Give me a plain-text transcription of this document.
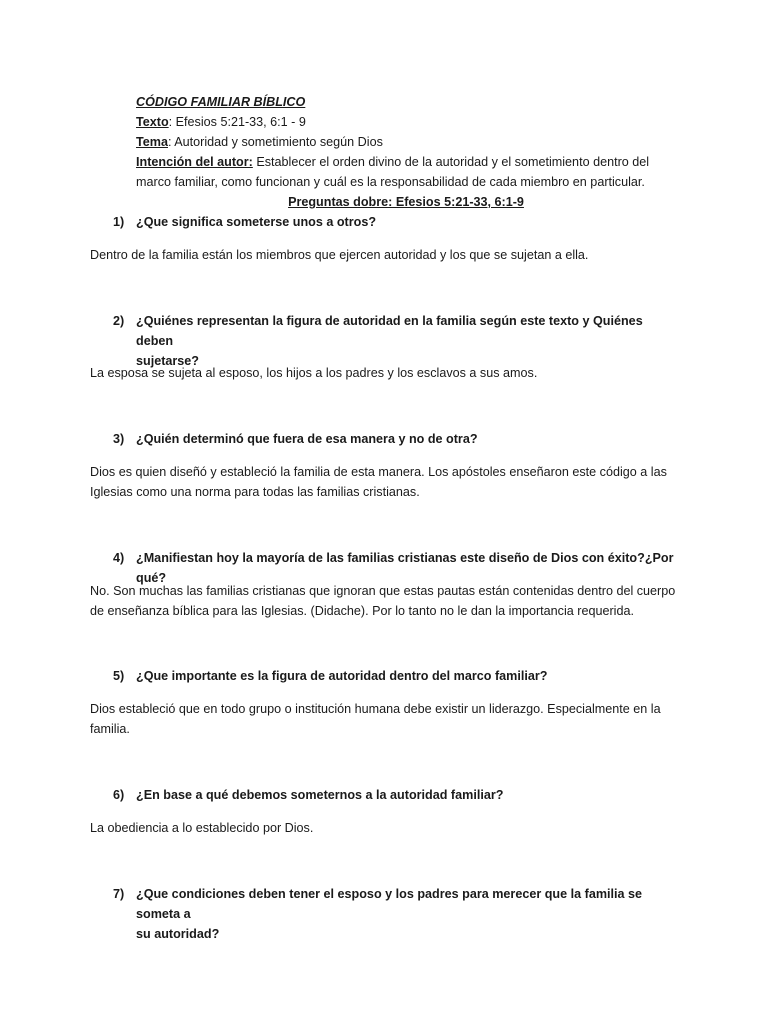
CÓDIGO FAMILIAR BÍBLICO
Texto: Efesios 5:21-33, 6:1 - 9
Tema: Autoridad y sometimiento según Dios
Intención del autor: Establecer el orden divino de la autoridad y el sometimiento dentro del
marco familiar, como funcionan y cuál es la responsabilidad de cada miembro en particular.
Preguntas dobre: Efesios 5:21-33, 6:1-9
1) ¿Que significa someterse unos a otros?
Dentro de la familia están los miembros que ejercen autoridad y los que se sujetan a ella.
2) ¿Quiénes representan la figura de autoridad en la familia según este texto y Quiénes deben
sujetarse?
La esposa se sujeta al esposo, los hijos a los padres y los esclavos a sus amos.
3) ¿Quién determinó que fuera de esa manera y no de otra?
Dios es quien diseñó y estableció la familia de esta manera. Los apóstoles enseñaron este código a las
Iglesias como una norma para todas las familias cristianas.
4) ¿Manifiestan hoy la mayoría de las familias cristianas este diseño de Dios con éxito?¿Por qué?
No. Son muchas las familias cristianas que ignoran que estas pautas están contenidas dentro del cuerpo
de enseñanza bíblica para las Iglesias. (Didache). Por lo tanto no le dan la importancia requerida.
5) ¿Que importante es la figura de autoridad dentro del marco familiar?
Dios estableció que en todo grupo o institución humana debe existir un liderazgo. Especialmente en la
familia.
6) ¿En base a qué debemos someternos a la autoridad familiar?
La obediencia a lo establecido por Dios.
7) ¿Que condiciones deben tener el esposo y los padres para merecer que la familia se someta a
su autoridad?
